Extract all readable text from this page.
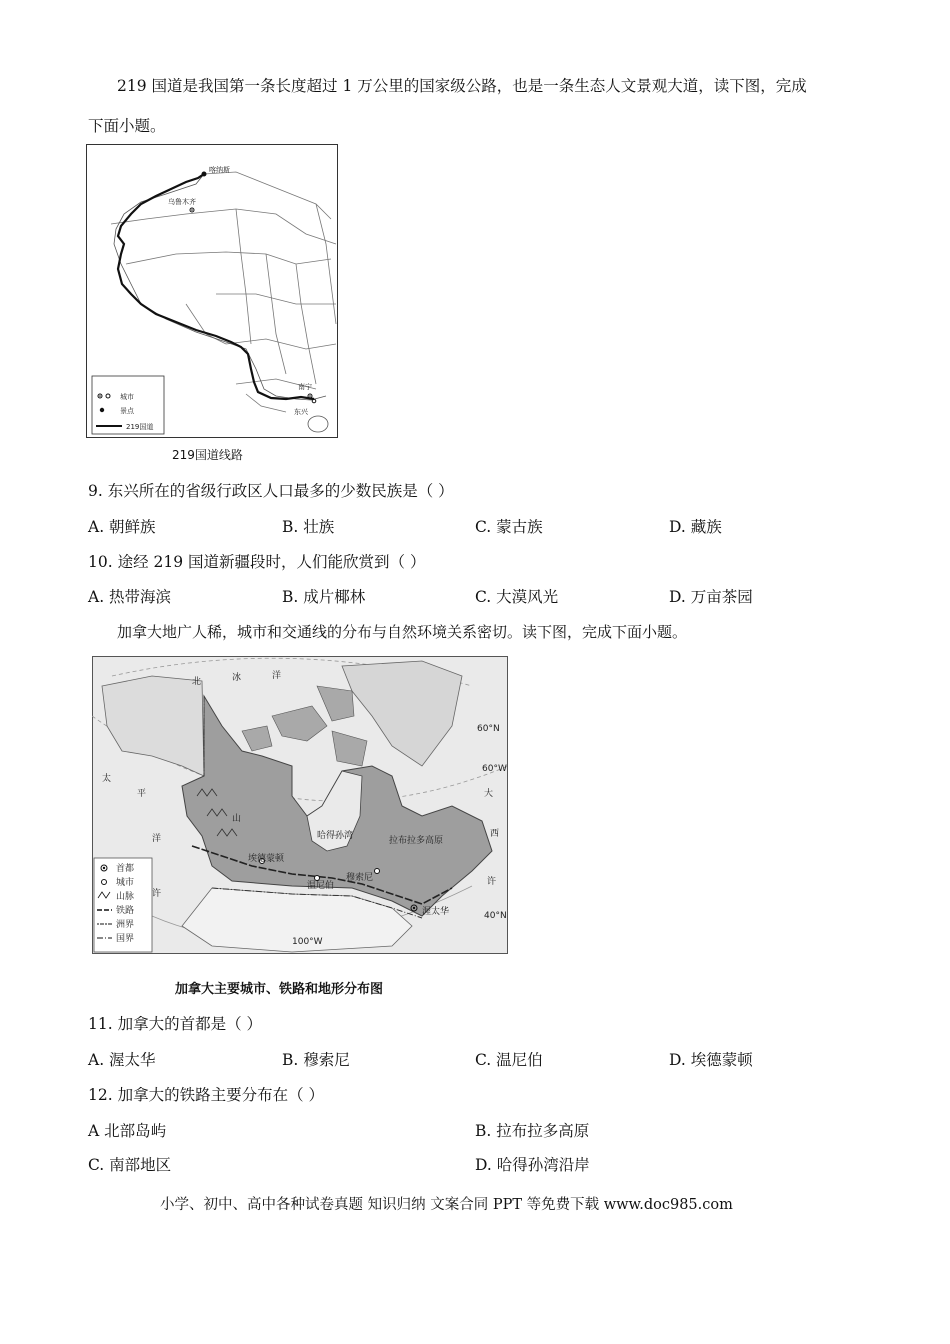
219 国道是我国第一条长度超过 1 万公里的国家级公路，也是一条生态人文景观大道，读下图，完成
下面小题。
喀纳斯
乌鲁木齐
南宁
东兴
城市
景点
219国道
219国道线路
9. 东兴所在的省级行政区人口最多的少数民族是（ ）
A. 朝鲜族	B. 壮族	C. 蒙古族	D. 藏族
10. 途经 219 国道新疆段时，人们能欣赏到（ ）
A. 热带海滨	B. 成片椰林	C. 大漠风光	D. 万亩茶园
加拿大地广人稀，城市和交通线的分布与自然环境关系密切。读下图，完成下面小题。
北	冰	洋
太
平
洋
许
大
西
许
哈得孙湾	拉布拉多高原
埃德蒙顿
温尼伯
穆索尼
渥太华
山
100°W
60°N
60°W
40°N
首都
城市
山脉
铁路
洲界
国界
加拿大主要城市、铁路和地形分布图
11. 加拿大的首都是（ ）
A. 渥太华	B. 穆索尼	C. 温尼伯	D. 埃德蒙顿
12. 加拿大的铁路主要分布在（ ）
A 北部岛屿	B. 拉布拉多高原
C. 南部地区	D. 哈得孙湾沿岸
小学、初中、高中各种试卷真题 知识归纳 文案合同 PPT 等免费下载 www.doc985.com
